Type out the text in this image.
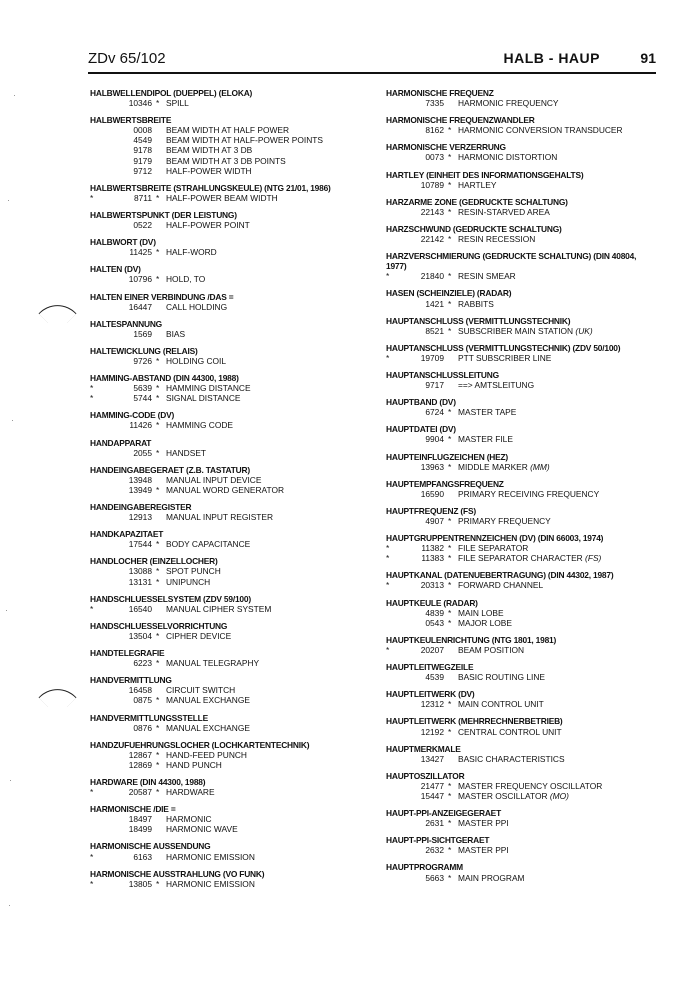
ZDv 65/102	HALB - HAUP	91
HALBWELLENDIPOL (DUEPPEL) (ELOKA)
10346 * SPILL
HALBWERTSBREITE
0008 BEAM WIDTH AT HALF POWER
4549 BEAM WIDTH AT HALF-POWER POINTS
9178 BEAM WIDTH AT 3 DB
9179 BEAM WIDTH AT 3 DB POINTS
9712 HALF-POWER WIDTH
HALBWERTSBREITE (STRAHLUNGSKEULE) (NTG 21/01, 1986)
*	8711 * HALF-POWER BEAM WIDTH
HALBWERTSPUNKT (DER LEISTUNG)
0522 HALF-POWER POINT
HALBWORT (DV)
11425 * HALF-WORD
HALTEN (DV)
10796 * HOLD, TO
HALTEN EINER VERBINDUNG /DAS =
16447 CALL HOLDING
HALTESPANNUNG
1569 BIAS
HALTEWICKLUNG (RELAIS)
9726 * HOLDING COIL
HAMMING-ABSTAND (DIN 44300, 1988)
*	5639 * HAMMING DISTANCE
*	5744 * SIGNAL DISTANCE
HAMMING-CODE (DV)
11426 * HAMMING CODE
HANDAPPARAT
2055 * HANDSET
HANDEINGABEGERAET (Z.B. TASTATUR)
13948 MANUAL INPUT DEVICE
13949 * MANUAL WORD GENERATOR
HANDEINGABEREGISTER
12913 MANUAL INPUT REGISTER
HANDKAPAZITAET
17544 * BODY CAPACITANCE
HANDLOCHER (EINZELLOCHER)
13088 * SPOT PUNCH
13131 * UNIPUNCH
HANDSCHLUESSELSYSTEM (ZDV 59/100)
*	16540 MANUAL CIPHER SYSTEM
HANDSCHLUESSELVORRICHTUNG
13504 * CIPHER DEVICE
HANDTELEGRAFIE
6223 * MANUAL TELEGRAPHY
HANDVERMITTLUNG
16458 CIRCUIT SWITCH
0875 * MANUAL EXCHANGE
HANDVERMITTLUNGSSTELLE
0876 * MANUAL EXCHANGE
HANDZUFUEHRUNGSLOCHER (LOCHKARTENTECHNIK)
12867 * HAND-FEED PUNCH
12869 * HAND PUNCH
HARDWARE (DIN 44300, 1988)
*	20587 * HARDWARE
HARMONISCHE /DIE =
18497 HARMONIC
18499 HARMONIC WAVE
HARMONISCHE AUSSENDUNG
*	6163 HARMONIC EMISSION
HARMONISCHE AUSSTRAHLUNG (VO FUNK)
*	13805 * HARMONIC EMISSION
HARMONISCHE FREQUENZ
7335 HARMONIC FREQUENCY
HARMONISCHE FREQUENZWANDLER
8162 * HARMONIC CONVERSION TRANSDUCER
HARMONISCHE VERZERRUNG
0073 * HARMONIC DISTORTION
HARTLEY (EINHEIT DES INFORMATIONSGEHALTS)
10789 * HARTLEY
HARZARME ZONE (GEDRUCKTE SCHALTUNG)
22143 * RESIN-STARVED AREA
HARZSCHWUND (GEDRUCKTE SCHALTUNG)
22142 * RESIN RECESSION
HARZVERSCHMIERUNG (GEDRUCKTE SCHALTUNG) (DIN 40804,
1977)
*	21840 * RESIN SMEAR
HASEN (SCHEINZIELE) (RADAR)
1421 * RABBITS
HAUPTANSCHLUSS (VERMITTLUNGSTECHNIK)
8521 * SUBSCRIBER MAIN STATION (UK)
HAUPTANSCHLUSS (VERMITTLUNGSTECHNIK) (ZDV 50/100)
*	19709 PTT SUBSCRIBER LINE
HAUPTANSCHLUSSLEITUNG
9717 ==> AMTSLEITUNG
HAUPTBAND (DV)
6724 * MASTER TAPE
HAUPTDATEI (DV)
9904 * MASTER FILE
HAUPTEINFLUGZEICHEN (HEZ)
13963 * MIDDLE MARKER (MM)
HAUPTEMPFANGSFREQUENZ
16590 PRIMARY RECEIVING FREQUENCY
HAUPTFREQUENZ (FS)
4907 * PRIMARY FREQUENCY
HAUPTGRUPPENTRENNZEICHEN (DV) (DIN 66003, 1974)
*	11382 * FILE SEPARATOR
*	11383 * FILE SEPARATOR CHARACTER (FS)
HAUPTKANAL (DATENUEBERTRAGUNG) (DIN 44302, 1987)
*	20313 * FORWARD CHANNEL
HAUPTKEULE (RADAR)
4839 * MAIN LOBE
0543 * MAJOR LOBE
HAUPTKEULENRICHTUNG (NTG 1801, 1981)
*	20207 BEAM POSITION
HAUPTLEITWEGZEILE
4539 BASIC ROUTING LINE
HAUPTLEITWERK (DV)
12312 * MAIN CONTROL UNIT
HAUPTLEITWERK (MEHRRECHNERBETRIEB)
12192 * CENTRAL CONTROL UNIT
HAUPTMERKMALE
13427 BASIC CHARACTERISTICS
HAUPTOSZILLATOR
21477 * MASTER FREQUENCY OSCILLATOR
15447 * MASTER OSCILLATOR (MO)
HAUPT-PPI-ANZEIGEGERAET
2631 * MASTER PPI
HAUPT-PPI-SICHTGERAET
2632 * MASTER PPI
HAUPTPROGRAMM
5663 * MAIN PROGRAM
